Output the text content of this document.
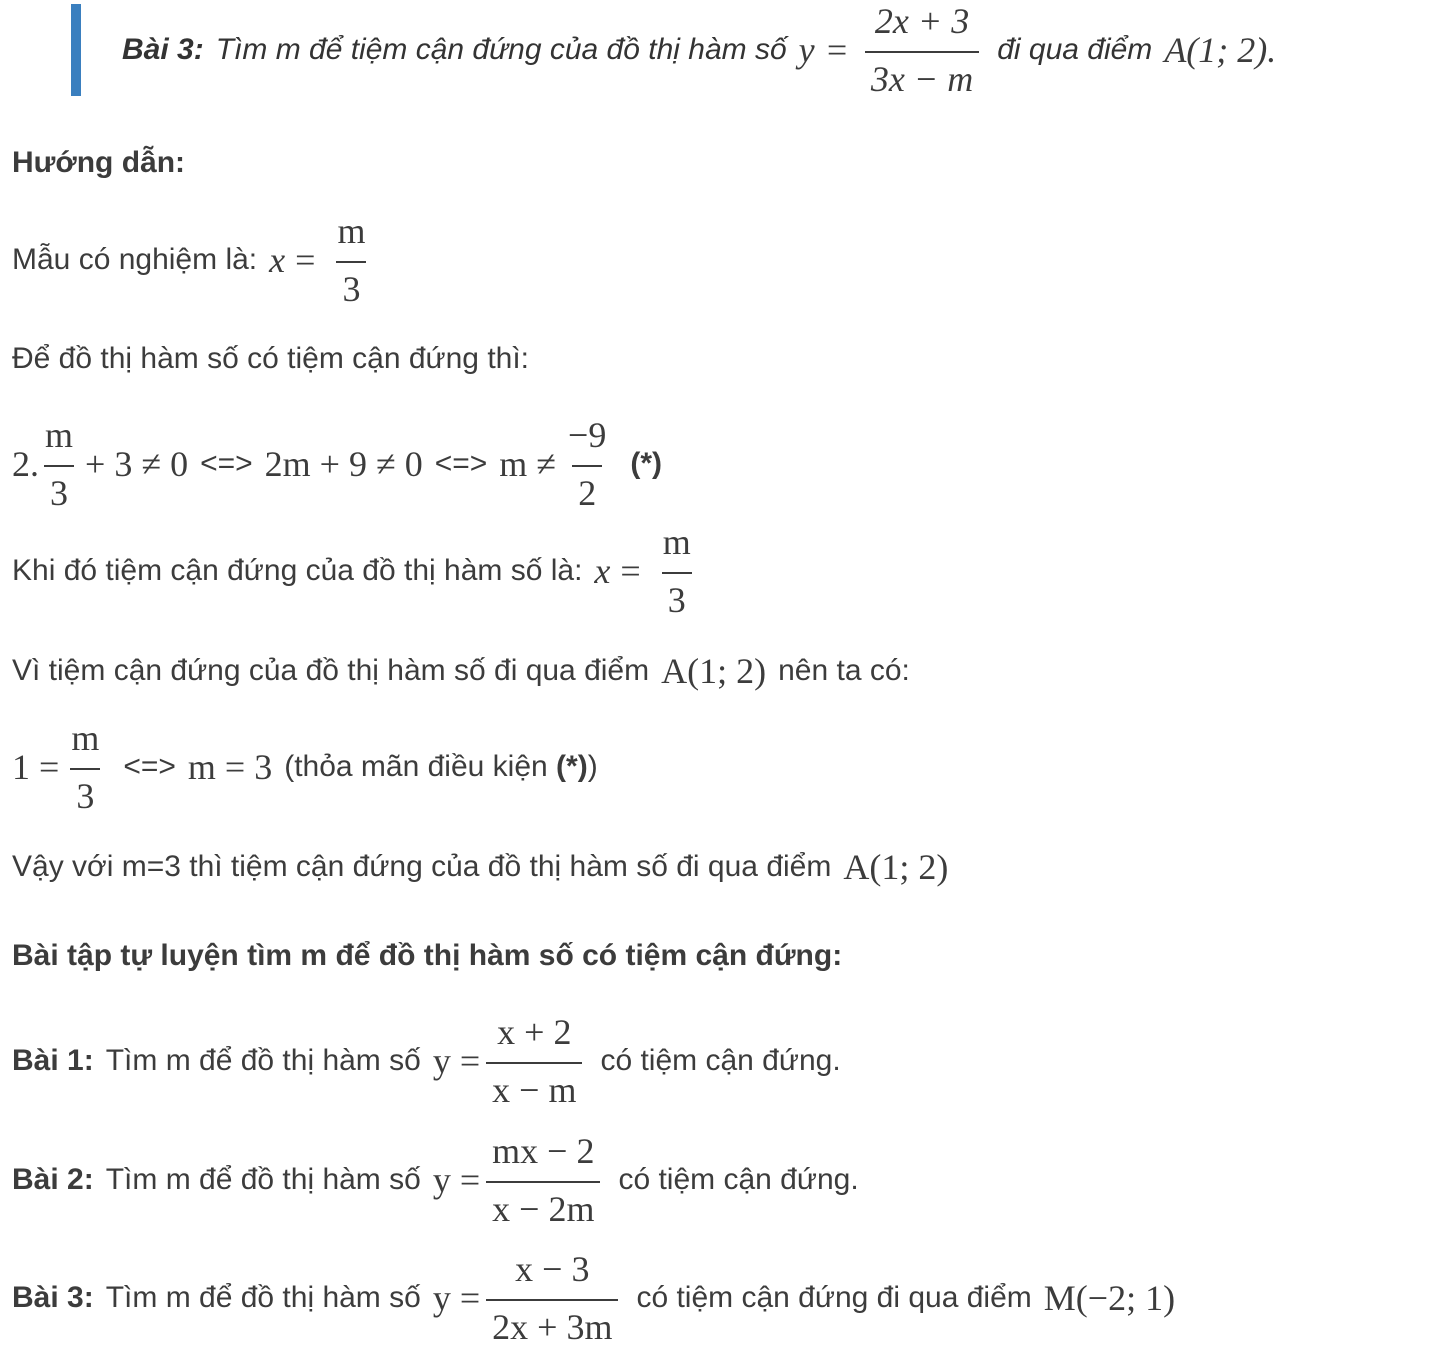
Bài 3: Tìm m để tiệm cận đứng của đồ thị hàm số $y = \frac{2x + 3}{3x - m}$ đi qua điểm A(1; 2).
Hướng dẫn:
Mẫu có nghiệm là: $x = \frac{m}{3}$
Để đồ thị hàm số có tiệm cận đứng thì:
2. $\frac{m}{3} + 3 \ne 0$ <=> 2m + 9 ≠ 0 <=> $m \ne \frac{-9}{2}$ (*)
Khi đó tiệm cận đứng của đồ thị hàm số là: $x = \frac{m}{3}$
Vì tiệm cận đứng của đồ thị hàm số đi qua điểm A(1; 2) nên ta có:
$1 = \frac{m}{3}$ <=> m = 3 (thỏa mãn điều kiện (*))
Vậy với m=3 thì tiệm cận đứng của đồ thị hàm số đi qua điểm A(1; 2)
Bài tập tự luyện tìm m để đồ thị hàm số có tiệm cận đứng:
Bài 1: Tìm m để đồ thị hàm số $y = \frac{x + 2}{x - m}$ có tiệm cận đứng.
Bài 2: Tìm m để đồ thị hàm số $y = \frac{mx - 2}{x - 2m}$ có tiệm cận đứng.
Bài 3: Tìm m để đồ thị hàm số $y = \frac{x - 3}{2x + 3m}$ có tiệm cận đứng đi qua điểm M(−2; 1)
